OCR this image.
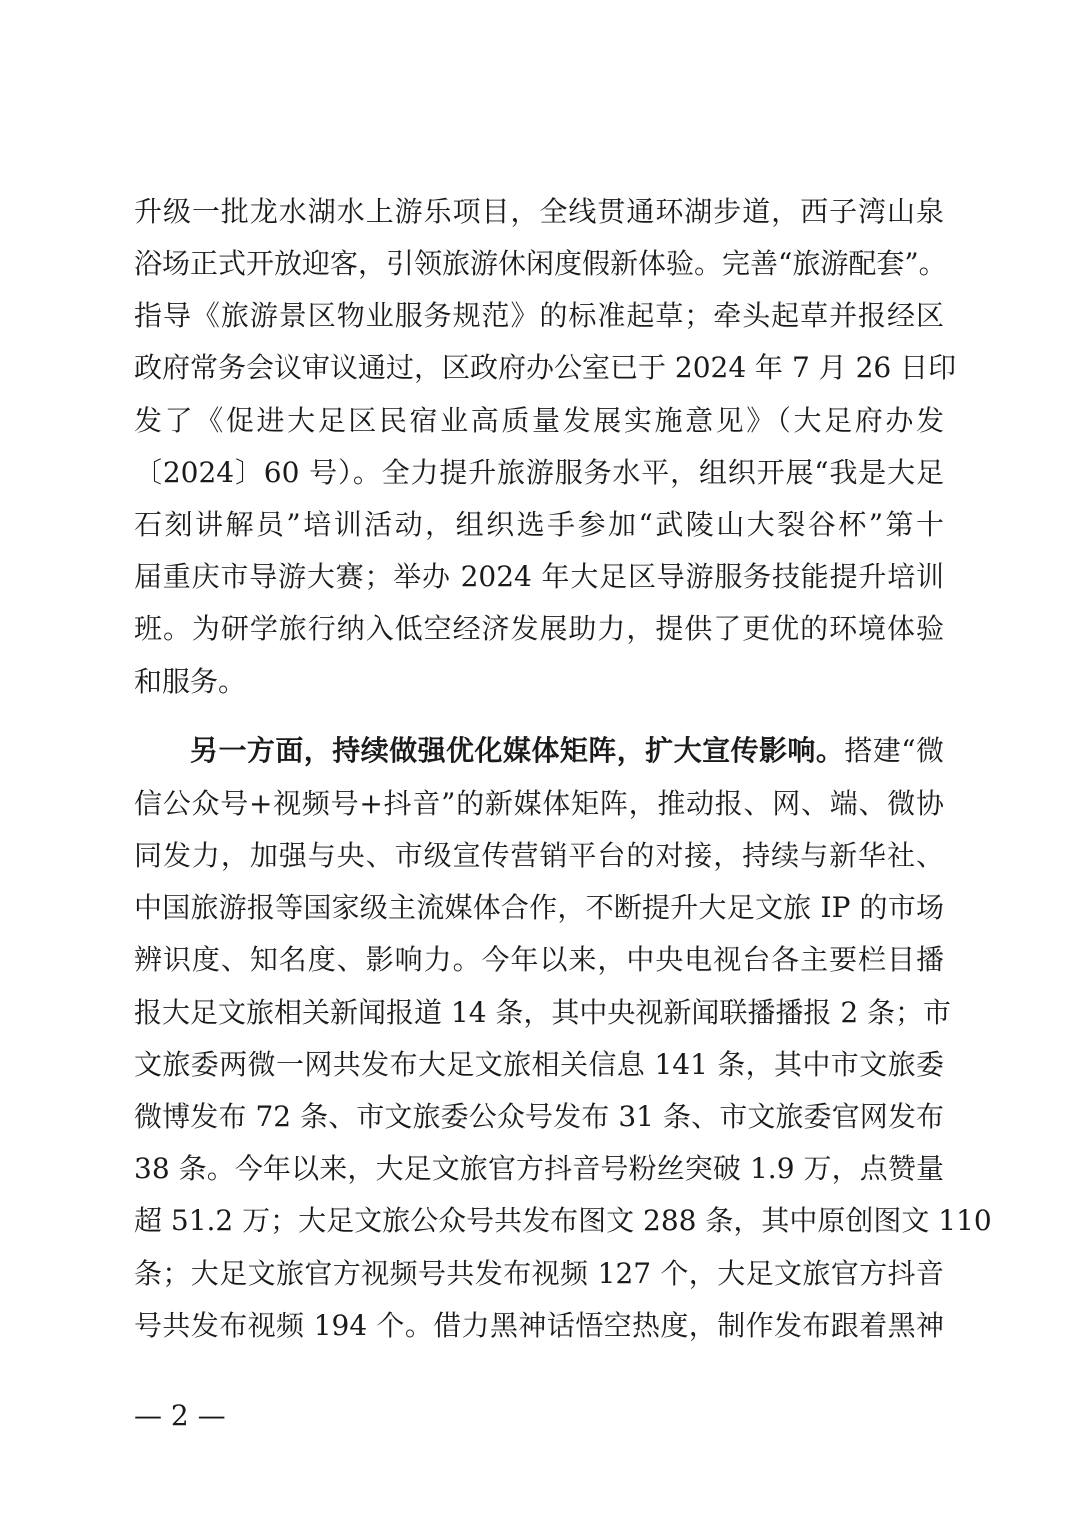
升级一批龙水湖水上游乐项目，全线贯通环湖步道，西子湾山泉
浴场正式开放迎客，引领旅游休闲度假新体验。完善“旅游配套”。
指导《旅游景区物业服务规范》的标准起草；牵头起草并报经区
政府常务会议审议通过，区政府办公室已于 2024 年 7 月 26 日印
发了《促进大足区民宿业高质量发展实施意见》（大足府办发
〔2024〕60 号）。全力提升旅游服务水平，组织开展“我是大足
石刻讲解员”培训活动，组织选手参加“武陵山大裂谷杯”第十
届重庆市导游大赛；举办 2024 年大足区导游服务技能提升培训
班。为研学旅行纳入低空经济发展助力，提供了更优的环境体验
和服务。
另一方面，持续做强优化媒体矩阵，扩大宣传影响。搭建“微
信公众号+视频号+抖音”的新媒体矩阵，推动报、网、端、微协
同发力，加强与央、市级宣传营销平台的对接，持续与新华社、
中国旅游报等国家级主流媒体合作，不断提升大足文旅 IP 的市场
辨识度、知名度、影响力。今年以来，中央电视台各主要栏目播
报大足文旅相关新闻报道 14 条，其中央视新闻联播播报 2 条；市
文旅委两微一网共发布大足文旅相关信息 141 条，其中市文旅委
微博发布 72 条、市文旅委公众号发布 31 条、市文旅委官网发布
38 条。今年以来，大足文旅官方抖音号粉丝突破 1.9 万，点赞量
超 51.2 万；大足文旅公众号共发布图文 288 条，其中原创图文 110
条；大足文旅官方视频号共发布视频 127 个，大足文旅官方抖音
号共发布视频 194 个。借力黑神话悟空热度，制作发布跟着黑神
— 2 —
